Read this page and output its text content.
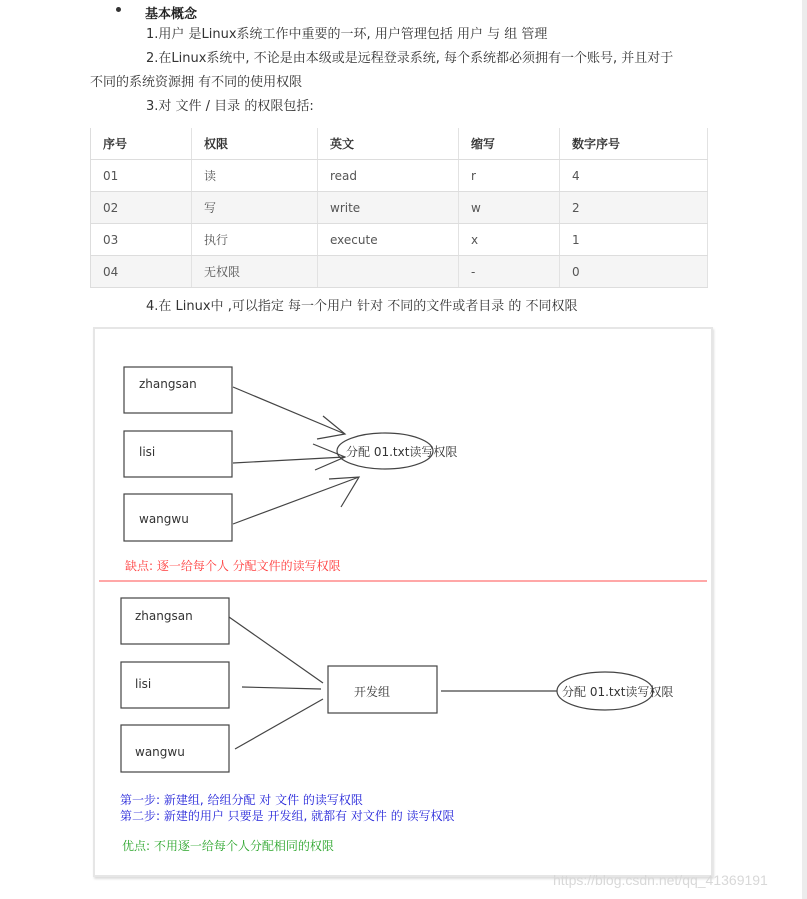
基本概念
1.用户 是Linux系统工作中重要的一环, 用户管理包括 用户 与 组 管理
2.在Linux系统中, 不论是由本级或是远程登录系统, 每个系统都必须拥有一个账号, 并且对于
不同的系统资源拥 有不同的使用权限
3.对 文件 / 目录 的权限包括:
序号	权限	英文	缩写	数字序号
01	读	read	r	4
02	写	write	w	2
03	执行	execute	x	1
04	无权限		-	0
4.在 Linux中 ,可以指定 每一个用户 针对 不同的文件或者目录 的 不同权限
zhangsan
lisi
wangwu
分配 01.txt读写权限
缺点: 逐一给每个人 分配文件的读写权限
zhangsan
lisi
wangwu
开发组	分配 01.txt读写权限
第一步: 新建组, 给组分配 对 文件 的读写权限
第二步: 新建的用户 只要是 开发组, 就都有 对文件 的 读写权限
优点: 不用逐一给每个人分配相同的权限
https://blog.csdn.net/qq_41369191
